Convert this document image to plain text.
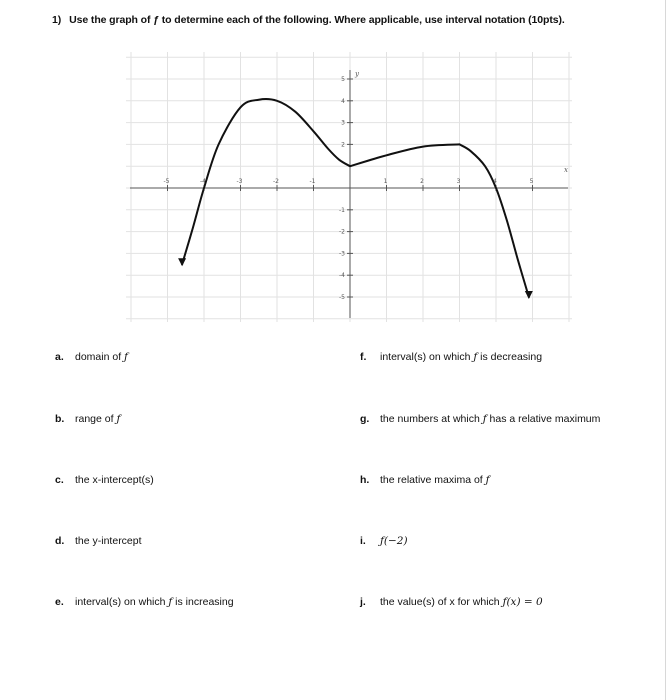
1) Use the graph of ƒ to determine each of the following. Where applicable, use interval notation (10pts).
-5	-4	-3	-2	-1	1	2	3	4	5
5
4
3
2
-1
-2
-3
-4
-5
x
y
a. domain of ƒ	f. interval(s) on which ƒ is decreasing
b. range of ƒ	g. the numbers at which ƒ has a relative maximum
c. the x-intercept(s)	h. the relative maxima of ƒ
d. the y-intercept	i. ƒ(−2)
e. interval(s) on which ƒ is increasing	j. the value(s) of x for which ƒ(x) = 0
